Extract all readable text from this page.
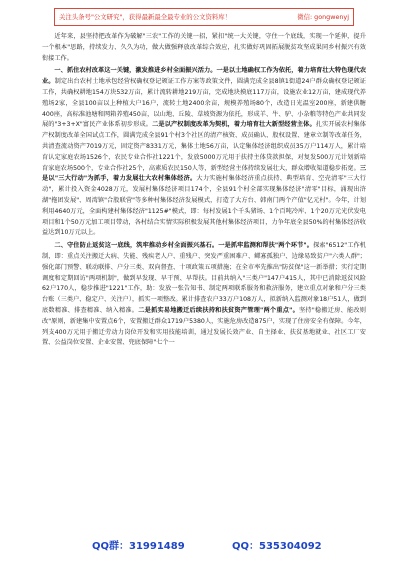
关注头条号"公文研究"，获得最新最全最专业的公文资料库！	微信: gongwenyj

近年来，县坚持把改革作为破解"三农"工作的关键一招，紧扣"统一大关键，守住一个底线，实现一个延伸，提升一个根本"思路，持续发力、久久为功，做大做强释放改革综合效应，扎实做好巩固拓展脱贫攻坚成果同乡村振兴有效衔接工作。

一、抓住农村改革这一关键，激发推进乡村全面振兴活力。一是以土地确权工作为依托，着力培育壮大特色现代农业。制定出台农村土地承包经营权确权登记颁证工作方案等政策文件，圆满完成全县8镇1街道24户群众确权登记颁证工作，共确权耕地154万块532万亩，累计流转耕地219万亩，完成地块摸底117万亩，设施农业12万亩，建成现代养殖场2家，全县100亩以上种植大户16户，流转土地2400余亩，规模养殖场80个，改造日光温室200座，新建供糖400座，高标准池塘和网箱养殖450亩，以山地、丘陵、草坡资源为依托，形成羊、牛、驴、小杂粮等特色产业共同发展的"3+3+X"富民产业体系初步形成。二是以产权制度改革为契机，着力培育壮大新型经营主体。扎实开展农村集体产权制度改革全国试点工作，圆满完成全县91个村3个社区的清产核资、成员确认、股权设置、建章立制等改革任务，共清查流动资产7019万元，固定资产8331万元，集体土地56万亩，认定集体经济组织成员35万户114万人，累计培育认定家庭农场1526个，农民专业合作社1221个，发放5000万元用于扶持主体贷款担保，对复发500万元计划新培育家庭农场500个，专业合作社25个，高素质农民150人等，新型经营主体持续发展壮大，群众增收渠道稳步拓宽。三是以"三大行动"为抓手，着力发展壮大农村集体经济。大力实施村集体经济重点扶持、典型培育、空壳清零"三大行动"，累计投入资金4028万元，发展村集体经济项目174个，全县91个村全部实现集体经济"清零"目标，涌现出浒湖"拖团发展"、周湾镇"合股联营"等多种村集体经济发展模式，打造了大方台、韩南门两个产值"亿元村"。今年，计划利用4640万元，全面构建村集体经济"1125#"模式，即：每村发展1个千头猪场、1个百吨冷库、1个20万元光伏发电项目和1个50万元加工项目带动，各村结合实情实际积极发展其他村集体经济项目，力争年底全县50%的村集体经济收益达到10万元以上。

二、守住防止返贫这一底线，筑牢推动乡村全面振兴基石。一是抓牢监测和帮扶"两个环节"。探索"6512"工作机制，即：重点关注搬迁大病、失能、残疾老人户、重残户、突发严重困难户、鳏寡孤独户、边缘易致贫户"六类人群"；强化部门预警、联动联排、户分三类、双向督查、十项政策五项措施；在全市率先推出"防贫保"这一新举措；实行定期调度和定期回访"两项机制"，做到早发现、早干预、早帮扶。目前共纳入"三类户"147户415人，其中已消除返贫风险62户170人，稳步推进"1221"工作，助：发放一张告知书、制定两项联系服务和救济服务，建立重点对象和户分三类台账（三类户、稳定户、关注户），抓实一项整改。累计排查农户33万户108万人，拟新纳入监测对象18户51人，做到底数精准、排查精准、纳入精准。二是抓实易地搬迁后续扶持和扶贫资产管理"两个重点"。坚持"稳搬迁房、能改则改"原则，新建集中安置点6个，安置搬迁群众1719户5380人，实施危房改造875户，实现了住房安全有保障。今年，列支400万元用于搬迁劳动力岗位开发和实用技能培训，通过发展长效产业、自主择业、扶贫基地就业、社区工厂安置、公益岗位安置、企业安置、兜底保障"七个一

QQ群：31991489	QQ：535304092
